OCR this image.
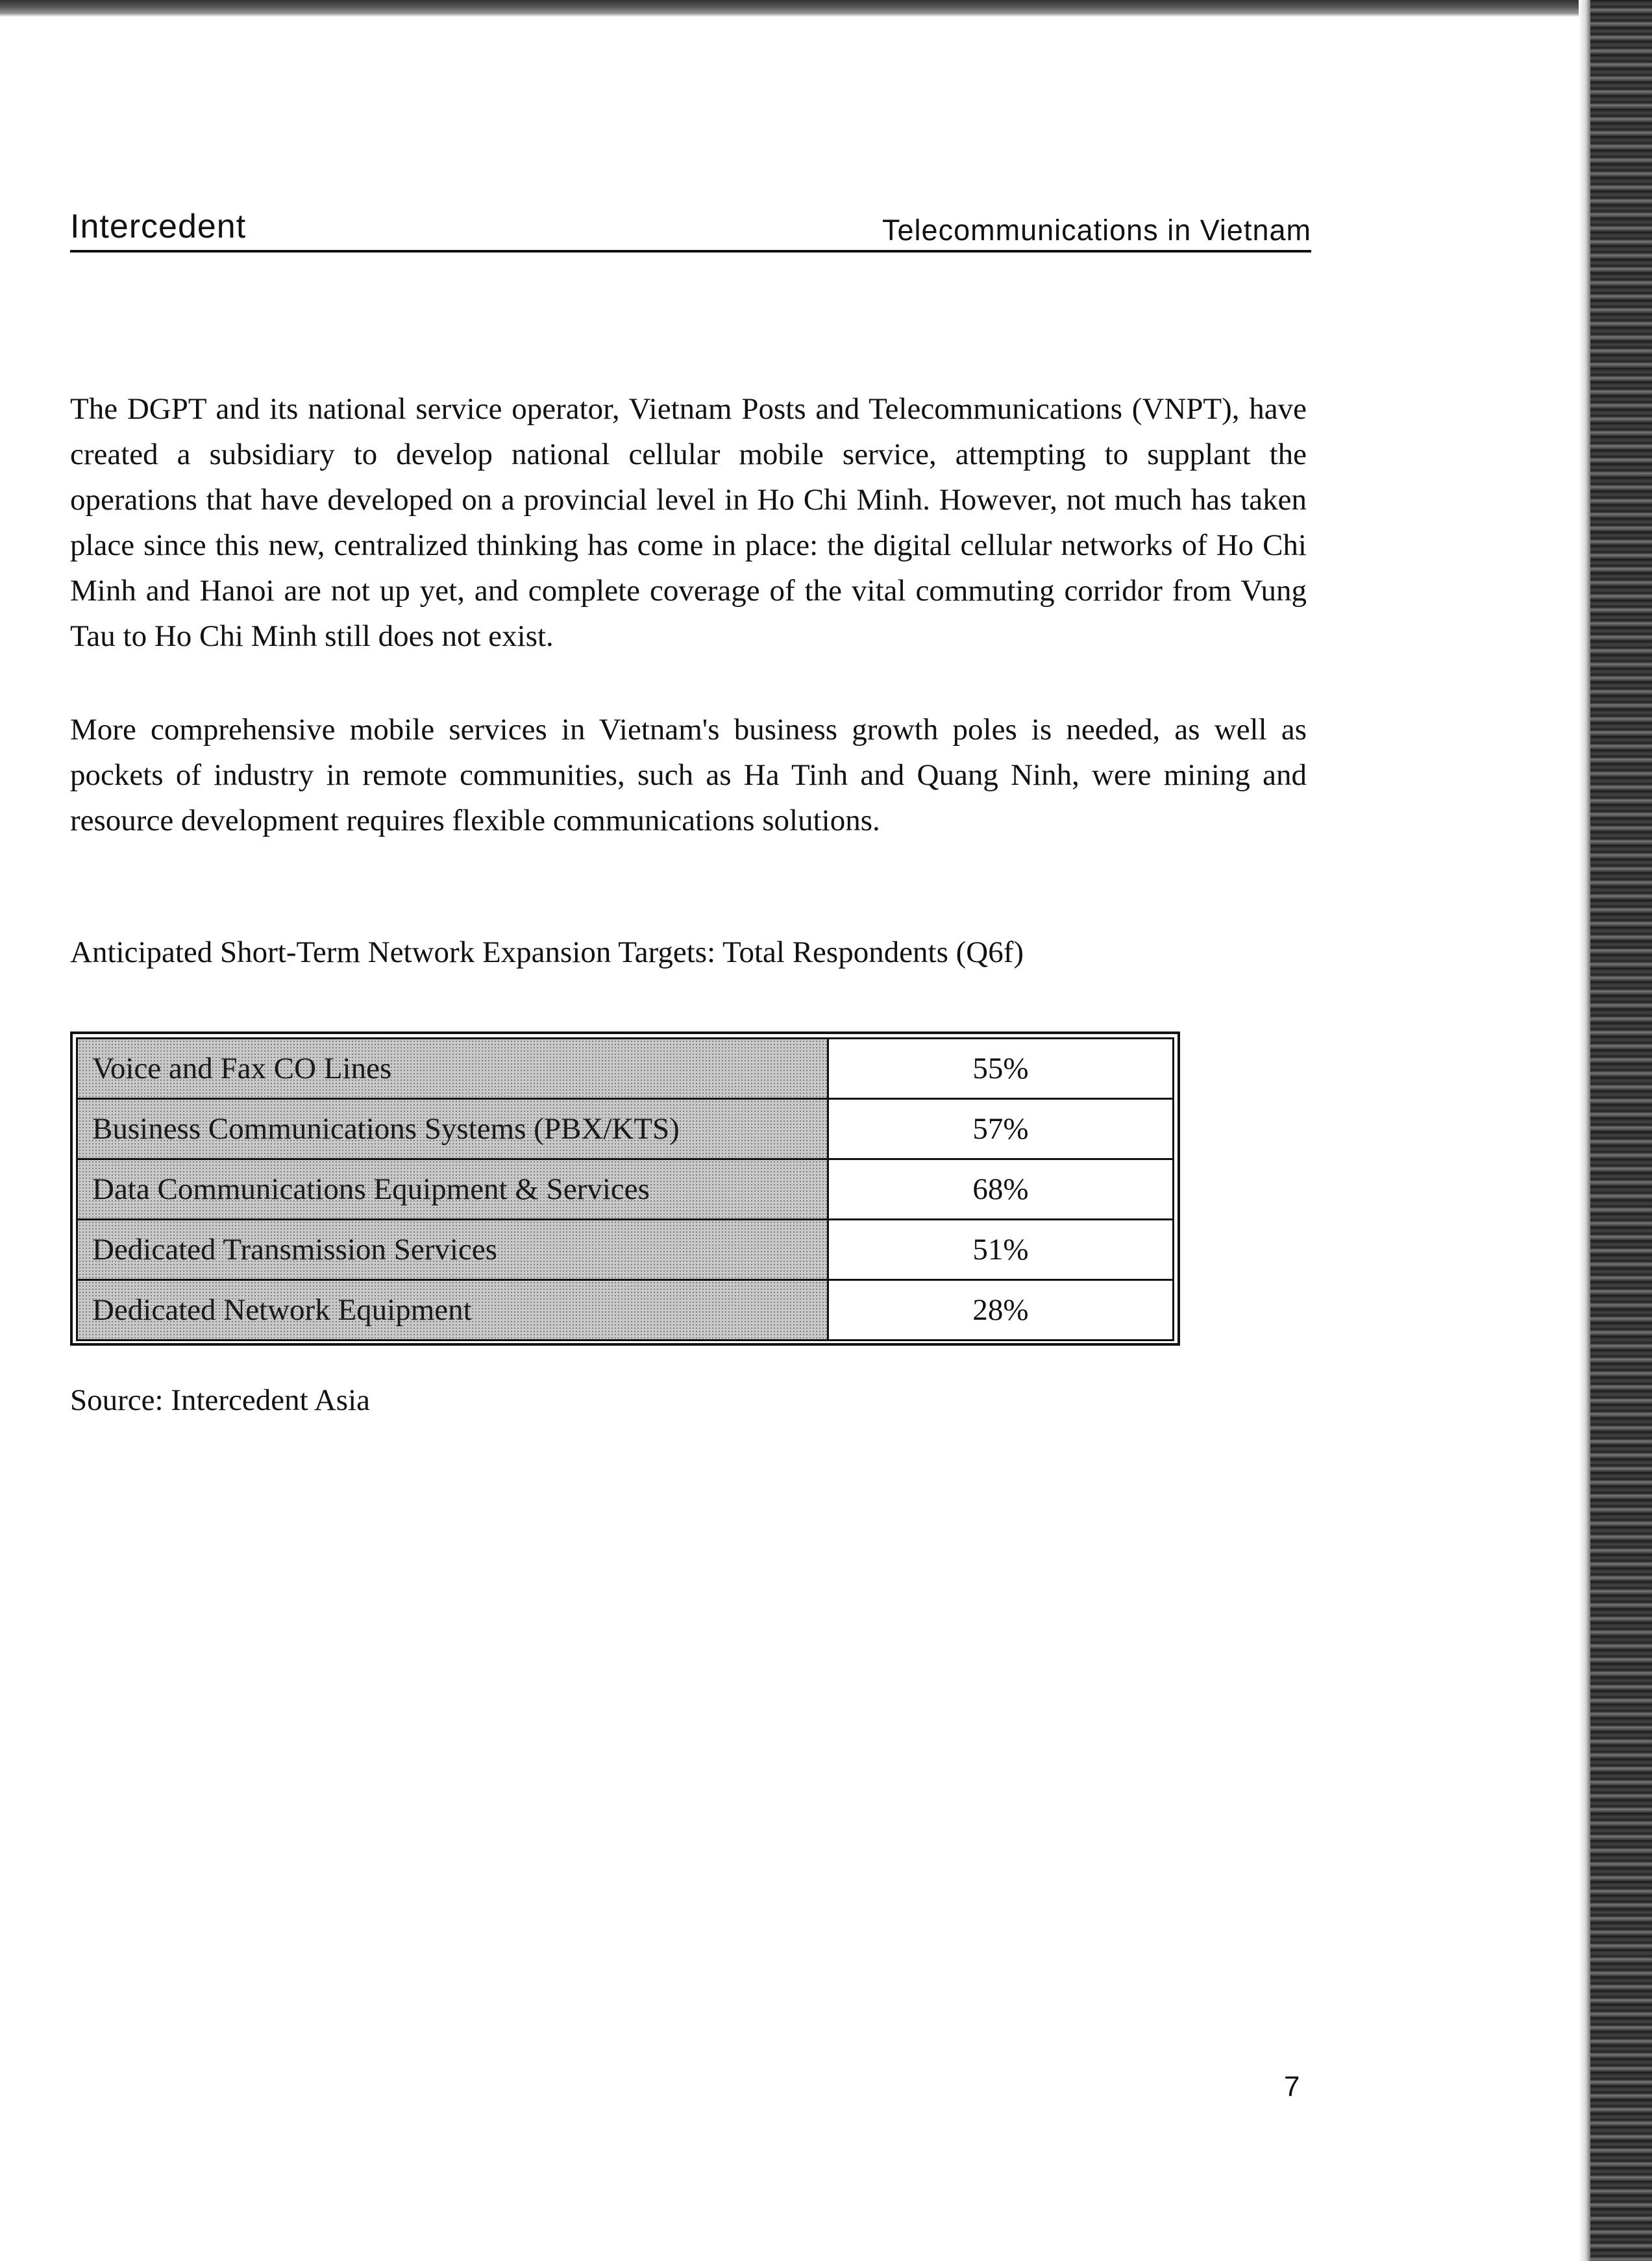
Intercedent	Telecommunications in Vietnam

The DGPT and its national service operator, Vietnam Posts and Telecommunications (VNPT), have created a subsidiary to develop national cellular mobile service, attempting to supplant the operations that have developed on a provincial level in Ho Chi Minh. However, not much has taken place since this new, centralized thinking has come in place: the digital cellular networks of Ho Chi Minh and Hanoi are not up yet, and complete coverage of the vital commuting corridor from Vung Tau to Ho Chi Minh still does not exist.

More comprehensive mobile services in Vietnam's business growth poles is needed, as well as pockets of industry in remote communities, such as Ha Tinh and Quang Ninh, were mining and resource development requires flexible communications solutions.

Anticipated Short-Term Network Expansion Targets: Total Respondents (Q6f)
Voice and Fax CO Lines	55%
Business Communications Systems (PBX/KTS)	57%
Data Communications Equipment & Services	68%
Dedicated Transmission Services	51%
Dedicated Network Equipment	28%
Source: Intercedent Asia
7
